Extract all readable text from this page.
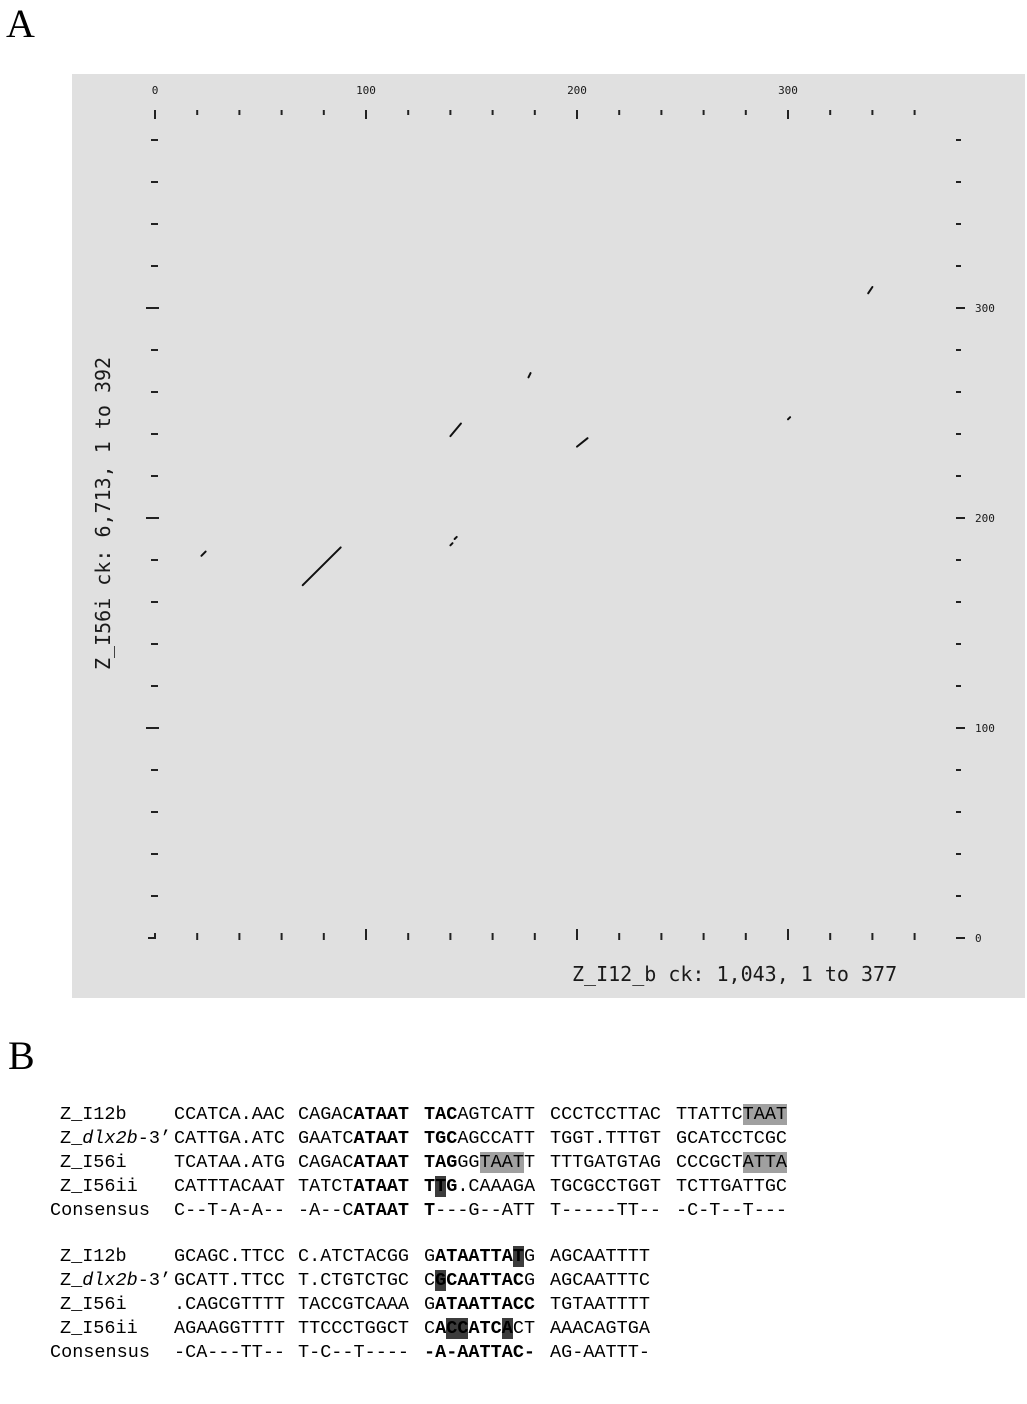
A
0	100	200	300
300
200
100
0
Z_I12_b ck: 1,043, 1 to 377
Z_I56i ck: 6,713, 1 to 392
B
Z_I12b	CCATCA.AAC CAGACATAAT TACAGTCATT CCCTCCTTAC TTATTCTAAT
Z_dlx2b-3’ CATTGA.ATC GAATCATAAT TGCAGCCATT TGGT.TTTGT GCATCCTCGC
Z_I56i	TCATAA.ATG CAGACATAAT TAGGGTAATT TTTGATGTAG CCCGCTATTA
Z_I56ii	CATTTACAAT TATCTATAAT TTG.CAAAGA TGCGCCTGGT TCTTGATTGC
Consensus	C--T-A-A-- -A--CATAAT T---G--ATT T-----TT-- -C-T--T---
Z_I12b	GCAGC.TTCC C.ATCTACGG GATAATTATG AGCAATTTT
Z_dlx2b-3’ GCATT.TTCC T.CTGTCTGC CGCAATTACG AGCAATTTC
Z_I56i	.CAGCGTTTT TACCGTCAAA GATAATTACC TGTAATTTT
Z_I56ii	AGAAGGTTTT TTCCCTGGCT CACCATCACT AAACAGTGA
Consensus	-CA---TT-- T-C--T---- -A-AATTAC- AG-AATTT-
